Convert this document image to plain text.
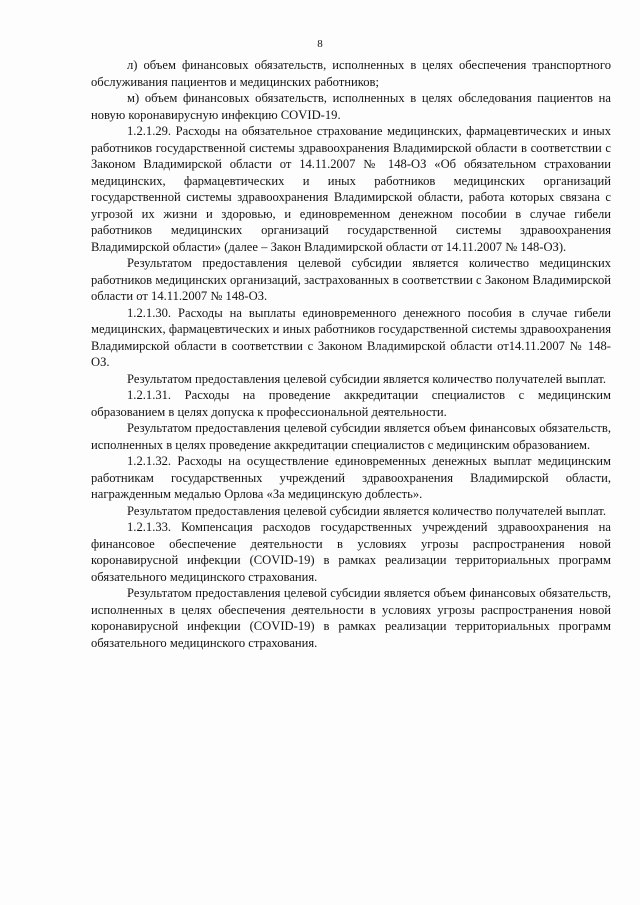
8

л) объем финансовых обязательств, исполненных в целях обеспечения транспортного обслуживания пациентов и медицинских работников;

м) объем финансовых обязательств, исполненных в целях обследования пациентов на новую коронавирусную инфекцию COVID-19.

1.2.1.29. Расходы на обязательное страхование медицинских, фармацевтических и иных работников государственной системы здравоохранения Владимирской области в соответствии с Законом Владимирской области от 14.11.2007 № 148-ОЗ «Об обязательном страховании медицинских, фармацевтических и иных работников медицинских организаций государственной системы здравоохранения Владимирской области, работа которых связана с угрозой их жизни и здоровью, и единовременном денежном пособии в случае гибели работников медицинских организаций государственной системы здравоохранения Владимирской области» (далее – Закон Владимирской области от 14.11.2007 № 148-ОЗ).

Результатом предоставления целевой субсидии является количество медицинских работников медицинских организаций, застрахованных в соответствии с Законом Владимирской области от 14.11.2007 № 148-ОЗ.

1.2.1.30. Расходы на выплаты единовременного денежного пособия в случае гибели медицинских, фармацевтических и иных работников государственной системы здравоохранения Владимирской области в соответствии с Законом Владимирской области от14.11.2007 № 148-ОЗ.

Результатом предоставления целевой субсидии является количество получателей выплат.

1.2.1.31. Расходы на проведение аккредитации специалистов с медицинским образованием в целях допуска к профессиональной деятельности.

Результатом предоставления целевой субсидии является объем финансовых обязательств, исполненных в целях проведение аккредитации специалистов с медицинским образованием.

1.2.1.32. Расходы на осуществление единовременных денежных выплат медицинским работникам государственных учреждений здравоохранения Владимирской области, награжденным медалью Орлова «За медицинскую доблесть».

Результатом предоставления целевой субсидии является количество получателей выплат.

1.2.1.33. Компенсация расходов государственных учреждений здравоохранения на финансовое обеспечение деятельности в условиях угрозы распространения новой коронавирусной инфекции (COVID-19) в рамках реализации территориальных программ обязательного медицинского страхования.

Результатом предоставления целевой субсидии является объем финансовых обязательств, исполненных в целях обеспечения деятельности в условиях угрозы распространения новой коронавирусной инфекции (COVID-19) в рамках реализации территориальных программ обязательного медицинского страхования.
